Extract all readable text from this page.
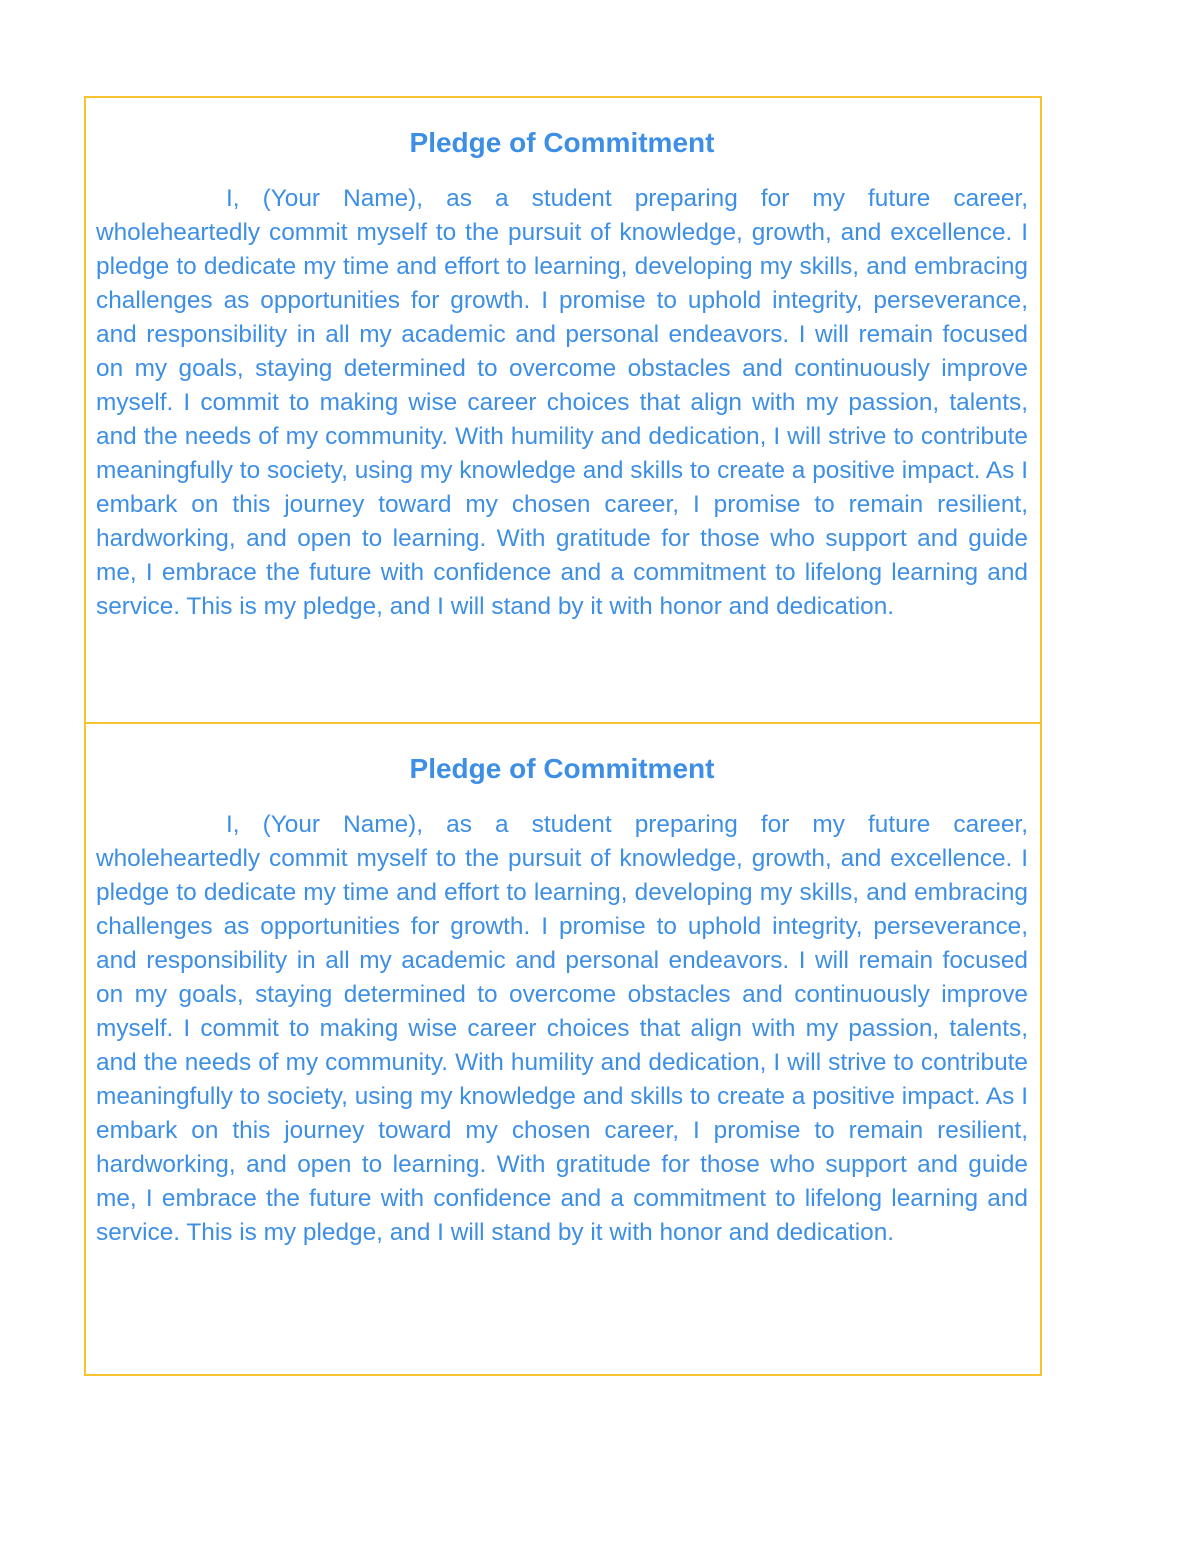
Pledge of Commitment

I, (Your Name), as a student preparing for my future career, wholeheartedly commit myself to the pursuit of knowledge, growth, and excellence. I pledge to dedicate my time and effort to learning, developing my skills, and embracing challenges as opportunities for growth. I promise to uphold integrity, perseverance, and responsibility in all my academic and personal endeavors. I will remain focused on my goals, staying determined to overcome obstacles and continuously improve myself. I commit to making wise career choices that align with my passion, talents, and the needs of my community. With humility and dedication, I will strive to contribute meaningfully to society, using my knowledge and skills to create a positive impact. As I embark on this journey toward my chosen career, I promise to remain resilient, hardworking, and open to learning. With gratitude for those who support and guide me, I embrace the future with confidence and a commitment to lifelong learning and service. This is my pledge, and I will stand by it with honor and dedication.

Pledge of Commitment

I, (Your Name), as a student preparing for my future career, wholeheartedly commit myself to the pursuit of knowledge, growth, and excellence. I pledge to dedicate my time and effort to learning, developing my skills, and embracing challenges as opportunities for growth. I promise to uphold integrity, perseverance, and responsibility in all my academic and personal endeavors. I will remain focused on my goals, staying determined to overcome obstacles and continuously improve myself. I commit to making wise career choices that align with my passion, talents, and the needs of my community. With humility and dedication, I will strive to contribute meaningfully to society, using my knowledge and skills to create a positive impact. As I embark on this journey toward my chosen career, I promise to remain resilient, hardworking, and open to learning. With gratitude for those who support and guide me, I embrace the future with confidence and a commitment to lifelong learning and service. This is my pledge, and I will stand by it with honor and dedication.
